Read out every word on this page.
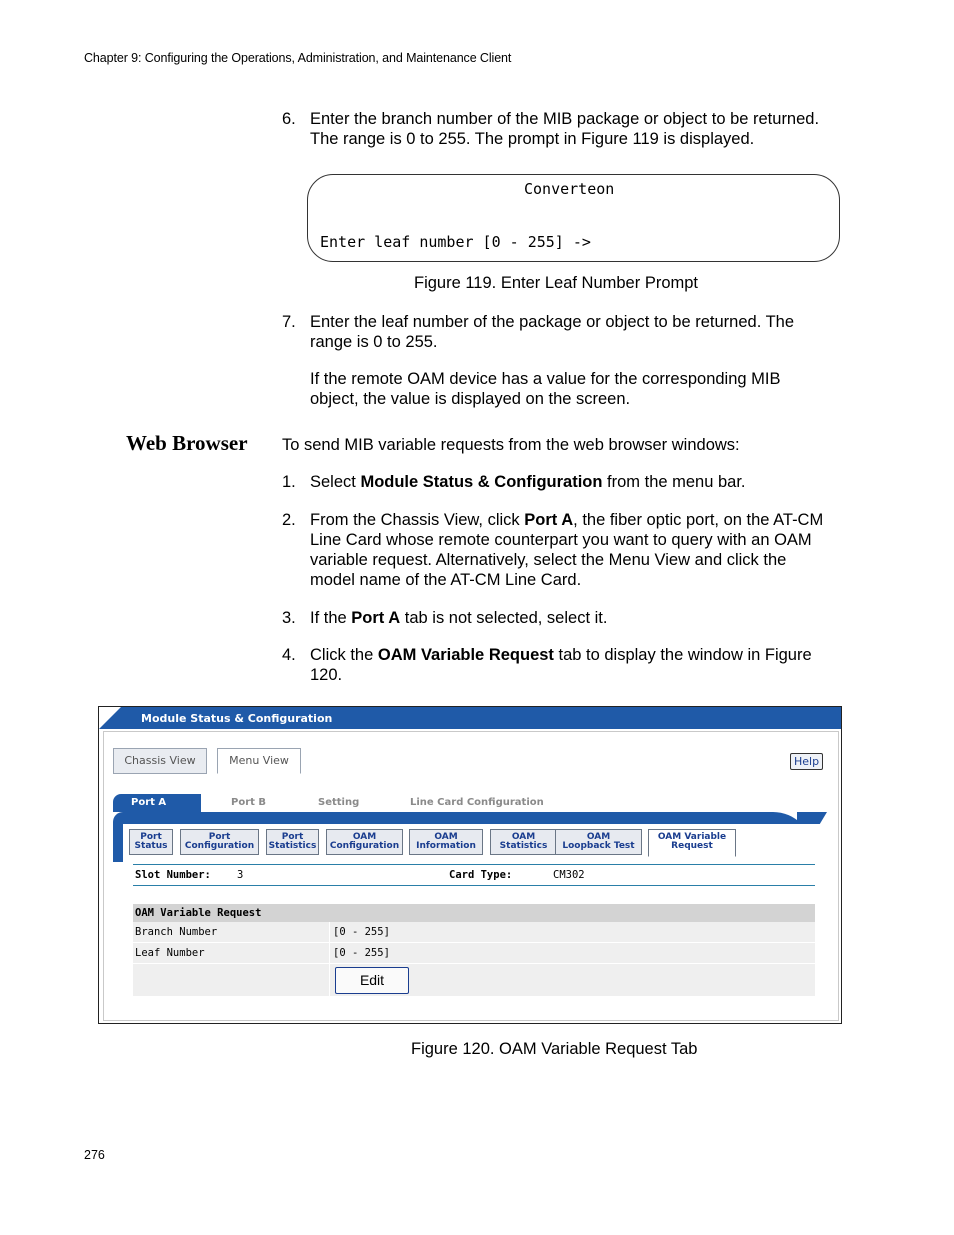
Chapter 9: Configuring the Operations, Administration, and Maintenance Client
6. Enter the branch number of the MIB package or object to be returned.
The range is 0 to 255. The prompt in Figure 119 is displayed.
Converteon
Enter leaf number [0 - 255] ->
Figure 119. Enter Leaf Number Prompt
7. Enter the leaf number of the package or object to be returned. The
range is 0 to 255.
If the remote OAM device has a value for the corresponding MIB
object, the value is displayed on the screen.
Web Browser To send MIB variable requests from the web browser windows:
1. Select Module Status & Configuration from the menu bar.
2. From the Chassis View, click Port A, the fiber optic port, on the AT-CM
Line Card whose remote counterpart you want to query with an OAM
variable request. Alternatively, select the Menu View and click the
model name of the AT-CM Line Card.
3. If the Port A tab is not selected, select it.
4. Click the OAM Variable Request tab to display the window in Figure
120.
Module Status & Configuration
Chassis View	Menu View	Help
Port A	Port B	Setting	Line Card Configuration
Port
Status
Port
Configuration
Port
Statistics
OAM
Configuration
OAM
Information
OAM
Statistics
OAM
Loopback Test
OAM Variable
Request
Slot Number: 3	Card Type:	CM302
OAM Variable Request
Branch Number	[0 - 255]
Leaf Number	[0 - 255]
Edit
Figure 120. OAM Variable Request Tab
276
